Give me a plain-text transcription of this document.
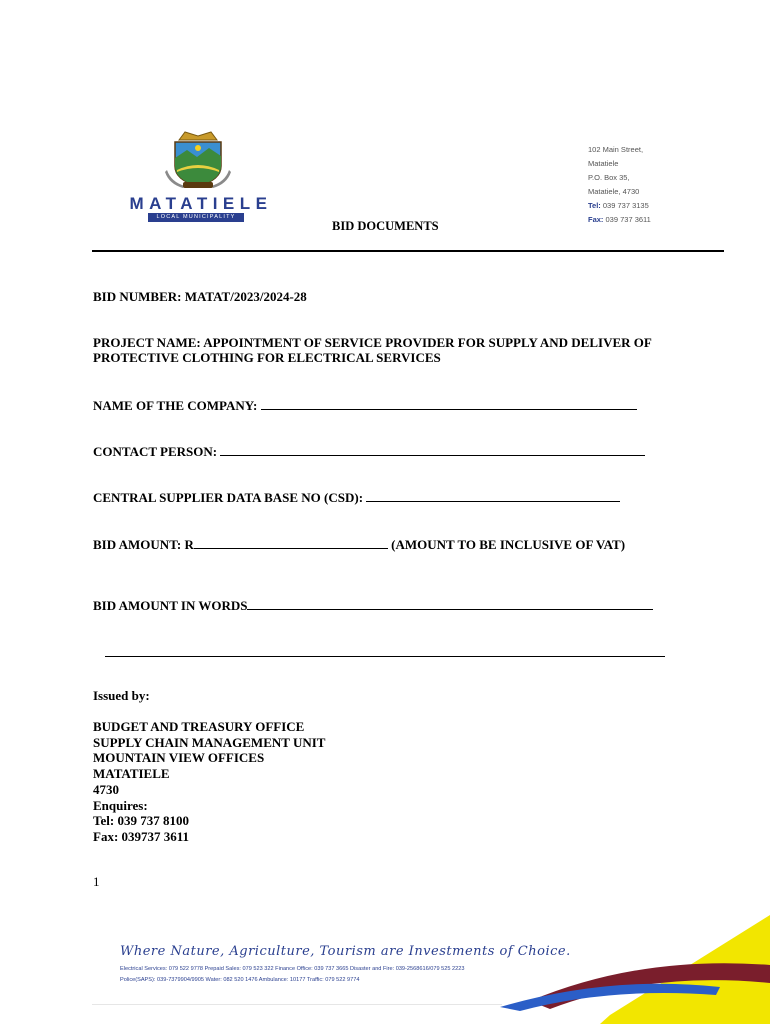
MATATIELE
LOCAL MUNICIPALITY
102 Main Street,
Matatiele
P.O. Box 35,
Matatiele, 4730
Tel: 039 737 3135
Fax: 039 737 3611
BID DOCUMENTS
BID NUMBER: MATAT/2023/2024-28
PROJECT NAME: APPOINTMENT OF SERVICE PROVIDER FOR SUPPLY AND DELIVER OF
PROTECTIVE CLOTHING FOR ELECTRICAL SERVICES
NAME OF THE COMPANY:
CONTACT PERSON:
CENTRAL SUPPLIER DATA BASE NO (CSD):
BID AMOUNT: R	(AMOUNT TO BE INCLUSIVE OF VAT)
BID AMOUNT IN WORDS
Issued by:
BUDGET AND TREASURY OFFICE
SUPPLY CHAIN MANAGEMENT UNIT
MOUNTAIN VIEW OFFICES
MATATIELE
4730
Enquires:
Tel: 039 737 8100
Fax: 039737 3611
1
Where Nature, Agriculture, Tourism are Investments of Choice.
Electrical Services: 079 522 9778 Prepaid Sales: 079 523 322 Finance Office: 039 737 3665 Disaster and Fire: 039-2568616/079 525 2223
Police(SAPS): 039-7379904/9905 Water: 082 520 1476 Ambulance: 10177 Traffic: 079 522 9774
